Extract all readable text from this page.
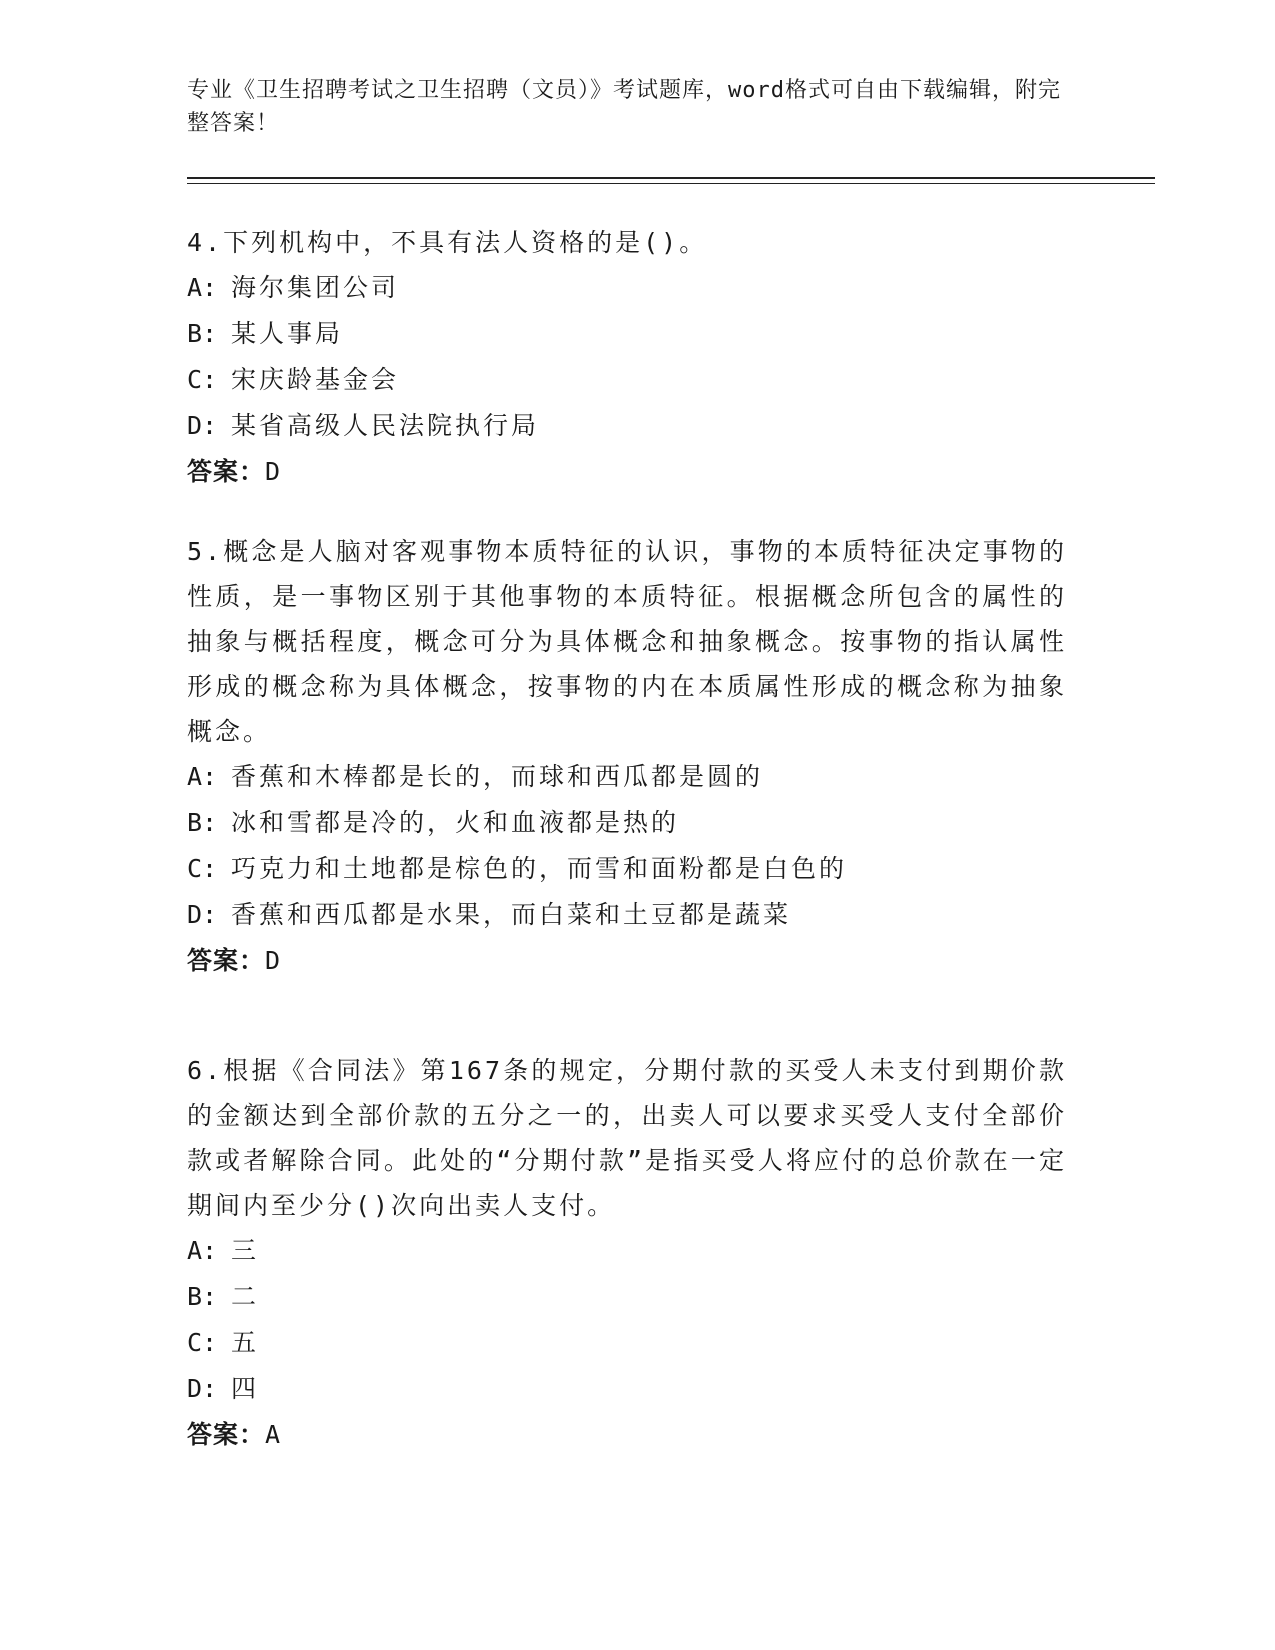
专业《卫生招聘考试之卫生招聘（文员）》考试题库，word格式可自由下载编辑，附完整答案！
4.下列机构中，不具有法人资格的是()。
A: 海尔集团公司
B: 某人事局
C: 宋庆龄基金会
D: 某省高级人民法院执行局
答案：D
5.概念是人脑对客观事物本质特征的认识，事物的本质特征决定事物的性质，是一事物区别于其他事物的本质特征。根据概念所包含的属性的抽象与概括程度，概念可分为具体概念和抽象概念。按事物的指认属性形成的概念称为具体概念，按事物的内在本质属性形成的概念称为抽象概念。
A: 香蕉和木棒都是长的，而球和西瓜都是圆的
B: 冰和雪都是冷的，火和血液都是热的
C: 巧克力和土地都是棕色的，而雪和面粉都是白色的
D: 香蕉和西瓜都是水果，而白菜和土豆都是蔬菜
答案：D
6.根据《合同法》第167条的规定，分期付款的买受人未支付到期价款的金额达到全部价款的五分之一的，出卖人可以要求买受人支付全部价款或者解除合同。此处的“分期付款”是指买受人将应付的总价款在一定期间内至少分()次向出卖人支付。
A: 三
B: 二
C: 五
D: 四
答案：A
